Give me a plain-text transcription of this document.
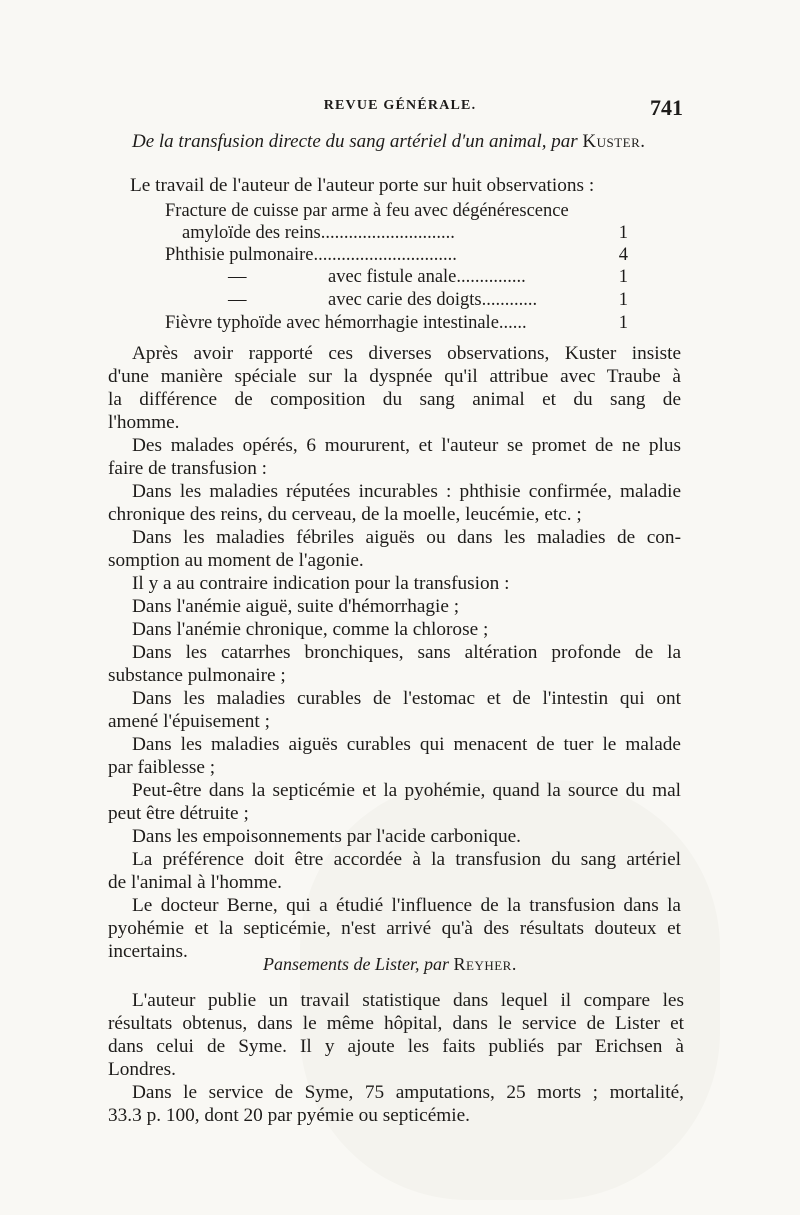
REVUE GÉNÉRALE.	741
De la transfusion directe du sang artériel d'un animal, par Kuster.
Le travail de l'auteur de l'auteur porte sur huit observations :
Fracture de cuisse par arme à feu avec dégénérescence
amyloïde des reins.............................	1
Phthisie pulmonaire...............................	4
—	avec fistule anale...............	1
—	avec carie des doigts............	1
Fièvre typhoïde avec hémorrhagie intestinale......	1
Après avoir rapporté ces diverses observations, Kuster insiste
d'une manière spéciale sur la dyspnée qu'il attribue avec Traube à
la différence de composition du sang animal et du sang de
l'homme.
Des malades opérés, 6 moururent, et l'auteur se promet de ne plus
faire de transfusion :
Dans les maladies réputées incurables : phthisie confirmée, maladie
chronique des reins, du cerveau, de la moelle, leucémie, etc. ;
Dans les maladies fébriles aiguës ou dans les maladies de con-
somption au moment de l'agonie.
Il y a au contraire indication pour la transfusion :
Dans l'anémie aiguë, suite d'hémorrhagie ;
Dans l'anémie chronique, comme la chlorose ;
Dans les catarrhes bronchiques, sans altération profonde de la
substance pulmonaire ;
Dans les maladies curables de l'estomac et de l'intestin qui ont
amené l'épuisement ;
Dans les maladies aiguës curables qui menacent de tuer le malade
par faiblesse ;
Peut-être dans la septicémie et la pyohémie, quand la source du mal
peut être détruite ;
Dans les empoisonnements par l'acide carbonique.
La préférence doit être accordée à la transfusion du sang artériel
de l'animal à l'homme.
Le docteur Berne, qui a étudié l'influence de la transfusion dans la
pyohémie et la septicémie, n'est arrivé qu'à des résultats douteux et
incertains.
Pansements de Lister, par Reyher.
L'auteur publie un travail statistique dans lequel il compare les
résultats obtenus, dans le même hôpital, dans le service de Lister et
dans celui de Syme. Il y ajoute les faits publiés par Erichsen à
Londres.
Dans le service de Syme, 75 amputations, 25 morts ; mortalité,
33.3 p. 100, dont 20 par pyémie ou septicémie.
